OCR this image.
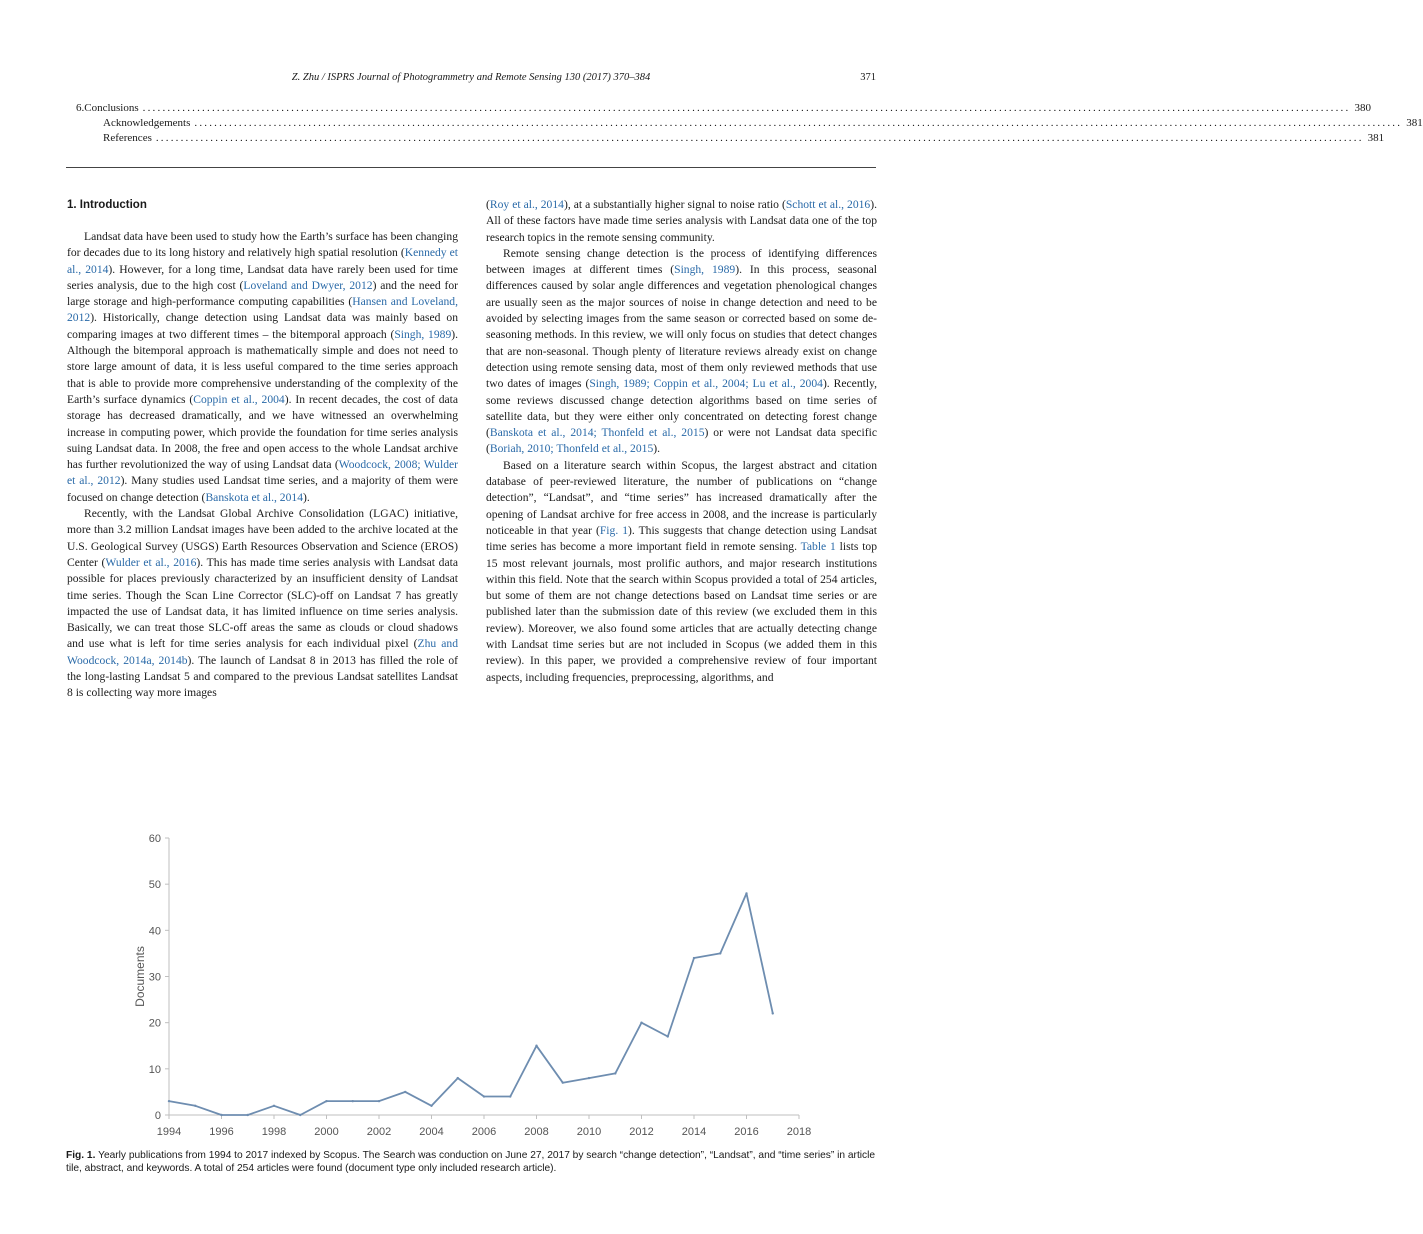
Z. Zhu / ISPRS Journal of Photogrammetry and Remote Sensing 130 (2017) 370–384	371
6. Conclusions .....	380
Acknowledgements .....	381
References .....	381
1. Introduction

Landsat data have been used to study how the Earth’s surface has been changing for decades due to its long history and relatively high spatial resolution (Kennedy et al., 2014). However, for a long time, Landsat data have rarely been used for time series analysis, due to the high cost (Loveland and Dwyer, 2012) and the need for large storage and high-performance computing capabilities (Hansen and Loveland, 2012). Historically, change detection using Landsat data was mainly based on comparing images at two different times – the bitemporal approach (Singh, 1989). Although the bitemporal approach is mathematically simple and does not need to store large amount of data, it is less useful compared to the time series approach that is able to provide more comprehensive understanding of the complexity of the Earth’s surface dynamics (Coppin et al., 2004). In recent decades, the cost of data storage has decreased dramatically, and we have witnessed an overwhelming increase in computing power, which provide the foundation for time series analysis suing Landsat data. In 2008, the free and open access to the whole Landsat archive has further revolutionized the way of using Landsat data (Woodcock, 2008; Wulder et al., 2012). Many studies used Landsat time series, and a majority of them were focused on change detection (Banskota et al., 2014).

Recently, with the Landsat Global Archive Consolidation (LGAC) initiative, more than 3.2 million Landsat images have been added to the archive located at the U.S. Geological Survey (USGS) Earth Resources Observation and Science (EROS) Center (Wulder et al., 2016). This has made time series analysis with Landsat data possible for places previously characterized by an insufficient density of Landsat time series. Though the Scan Line Corrector (SLC)-off on Landsat 7 has greatly impacted the use of Landsat data, it has limited influence on time series analysis. Basically, we can treat those SLC-off areas the same as clouds or cloud shadows and use what is left for time series analysis for each individual pixel (Zhu and Woodcock, 2014a, 2014b). The launch of Landsat 8 in 2013 has filled the role of the long-lasting Landsat 5 and compared to the previous Landsat satellites Landsat 8 is collecting way more images

(Roy et al., 2014), at a substantially higher signal to noise ratio (Schott et al., 2016). All of these factors have made time series analysis with Landsat data one of the top research topics in the remote sensing community.

Remote sensing change detection is the process of identifying differences between images at different times (Singh, 1989). In this process, seasonal differences caused by solar angle differences and vegetation phenological changes are usually seen as the major sources of noise in change detection and need to be avoided by selecting images from the same season or corrected based on some de-seasoning methods. In this review, we will only focus on studies that detect changes that are non-seasonal. Though plenty of literature reviews already exist on change detection using remote sensing data, most of them only reviewed methods that use two dates of images (Singh, 1989; Coppin et al., 2004; Lu et al., 2004). Recently, some reviews discussed change detection algorithms based on time series of satellite data, but they were either only concentrated on detecting forest change (Banskota et al., 2014; Thonfeld et al., 2015) or were not Landsat data specific (Boriah, 2010; Thonfeld et al., 2015).

Based on a literature search within Scopus, the largest abstract and citation database of peer-reviewed literature, the number of publications on “change detection”, “Landsat”, and “time series” has increased dramatically after the opening of Landsat archive for free access in 2008, and the increase is particularly noticeable in that year (Fig. 1). This suggests that change detection using Landsat time series has become a more important field in remote sensing. Table 1 lists top 15 most relevant journals, most prolific authors, and major research institutions within this field. Note that the search within Scopus provided a total of 254 articles, but some of them are not change detections based on Landsat time series or are published later than the submission date of this review (we excluded them in this review). Moreover, we also found some articles that are actually detecting change with Landsat time series but are not included in Scopus (we added them in this review). In this paper, we provided a comprehensive review of four important aspects, including frequencies, preprocessing, algorithms, and

0
10
20
30
40
50
60
1994	1996	1998	2000	2002	2004	2006	2008	2010	2012	2014	2016	2018
Documents
Fig. 1. Yearly publications from 1994 to 2017 indexed by Scopus. The Search was conduction on June 27, 2017 by search “change detection”, “Landsat”, and “time series” in article tile, abstract, and keywords. A total of 254 articles were found (document type only included research article).
